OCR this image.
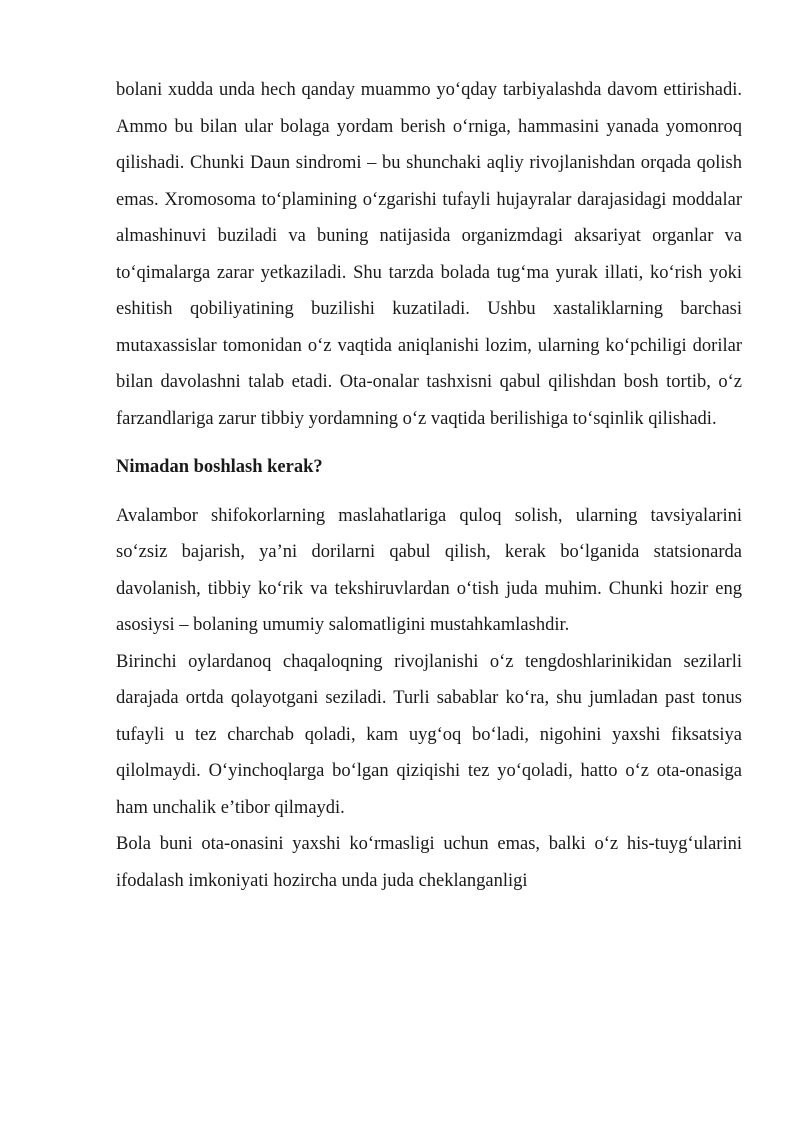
bolani xudda unda hech qanday muammo yo‘qday tarbiyalashda davom ettirishadi. Ammo bu bilan ular bolaga yordam berish o‘rniga, hammasini yanada yomonroq qilishadi. Chunki Daun sindromi – bu shunchaki aqliy rivojlanishdan orqada qolish emas. Xromosoma to‘plamining o‘zgarishi tufayli hujayralar darajasidagi moddalar almashinuvi buziladi va buning natijasida organizmdagi aksariyat organlar va to‘qimalarga zarar yetkaziladi. Shu tarzda bolada tug‘ma yurak illati, ko‘rish yoki eshitish qobiliyatining buzilishi kuzatiladi. Ushbu xastaliklarning barchasi mutaxassislar tomonidan o‘z vaqtida aniqlanishi lozim, ularning ko‘pchiligi dorilar bilan davolashni talab etadi. Ota-onalar tashxisni qabul qilishdan bosh tortib, o‘z farzandlariga zarur tibbiy yordamning o‘z vaqtida berilishiga to‘sqinlik qilishadi.

Nimadan boshlash kerak?

Avalambor shifokorlarning maslahatlariga quloq solish, ularning tavsiyalarini so‘zsiz bajarish, ya’ni dorilarni qabul qilish, kerak bo‘lganida statsionarda davolanish, tibbiy ko‘rik va tekshiruvlardan o‘tish juda muhim. Chunki hozir eng asosiysi – bolaning umumiy salomatligini mustahkamlashdir.

Birinchi oylardanoq chaqaloqning rivojlanishi o‘z tengdoshlarinikidan sezilarli darajada ortda qolayotgani seziladi. Turli sabablar ko‘ra, shu jumladan past tonus tufayli u tez charchab qoladi, kam uyg‘oq bo‘ladi, nigohini yaxshi fiksatsiya qilolmaydi. O‘yinchoqlarga bo‘lgan qiziqishi tez yo‘qoladi, hatto o‘z ota-onasiga ham unchalik e’tibor qilmaydi.

Bola buni ota-onasini yaxshi ko‘rmasligi uchun emas, balki o‘z his-tuyg‘ularini ifodalash imkoniyati hozircha unda juda cheklanganligi
